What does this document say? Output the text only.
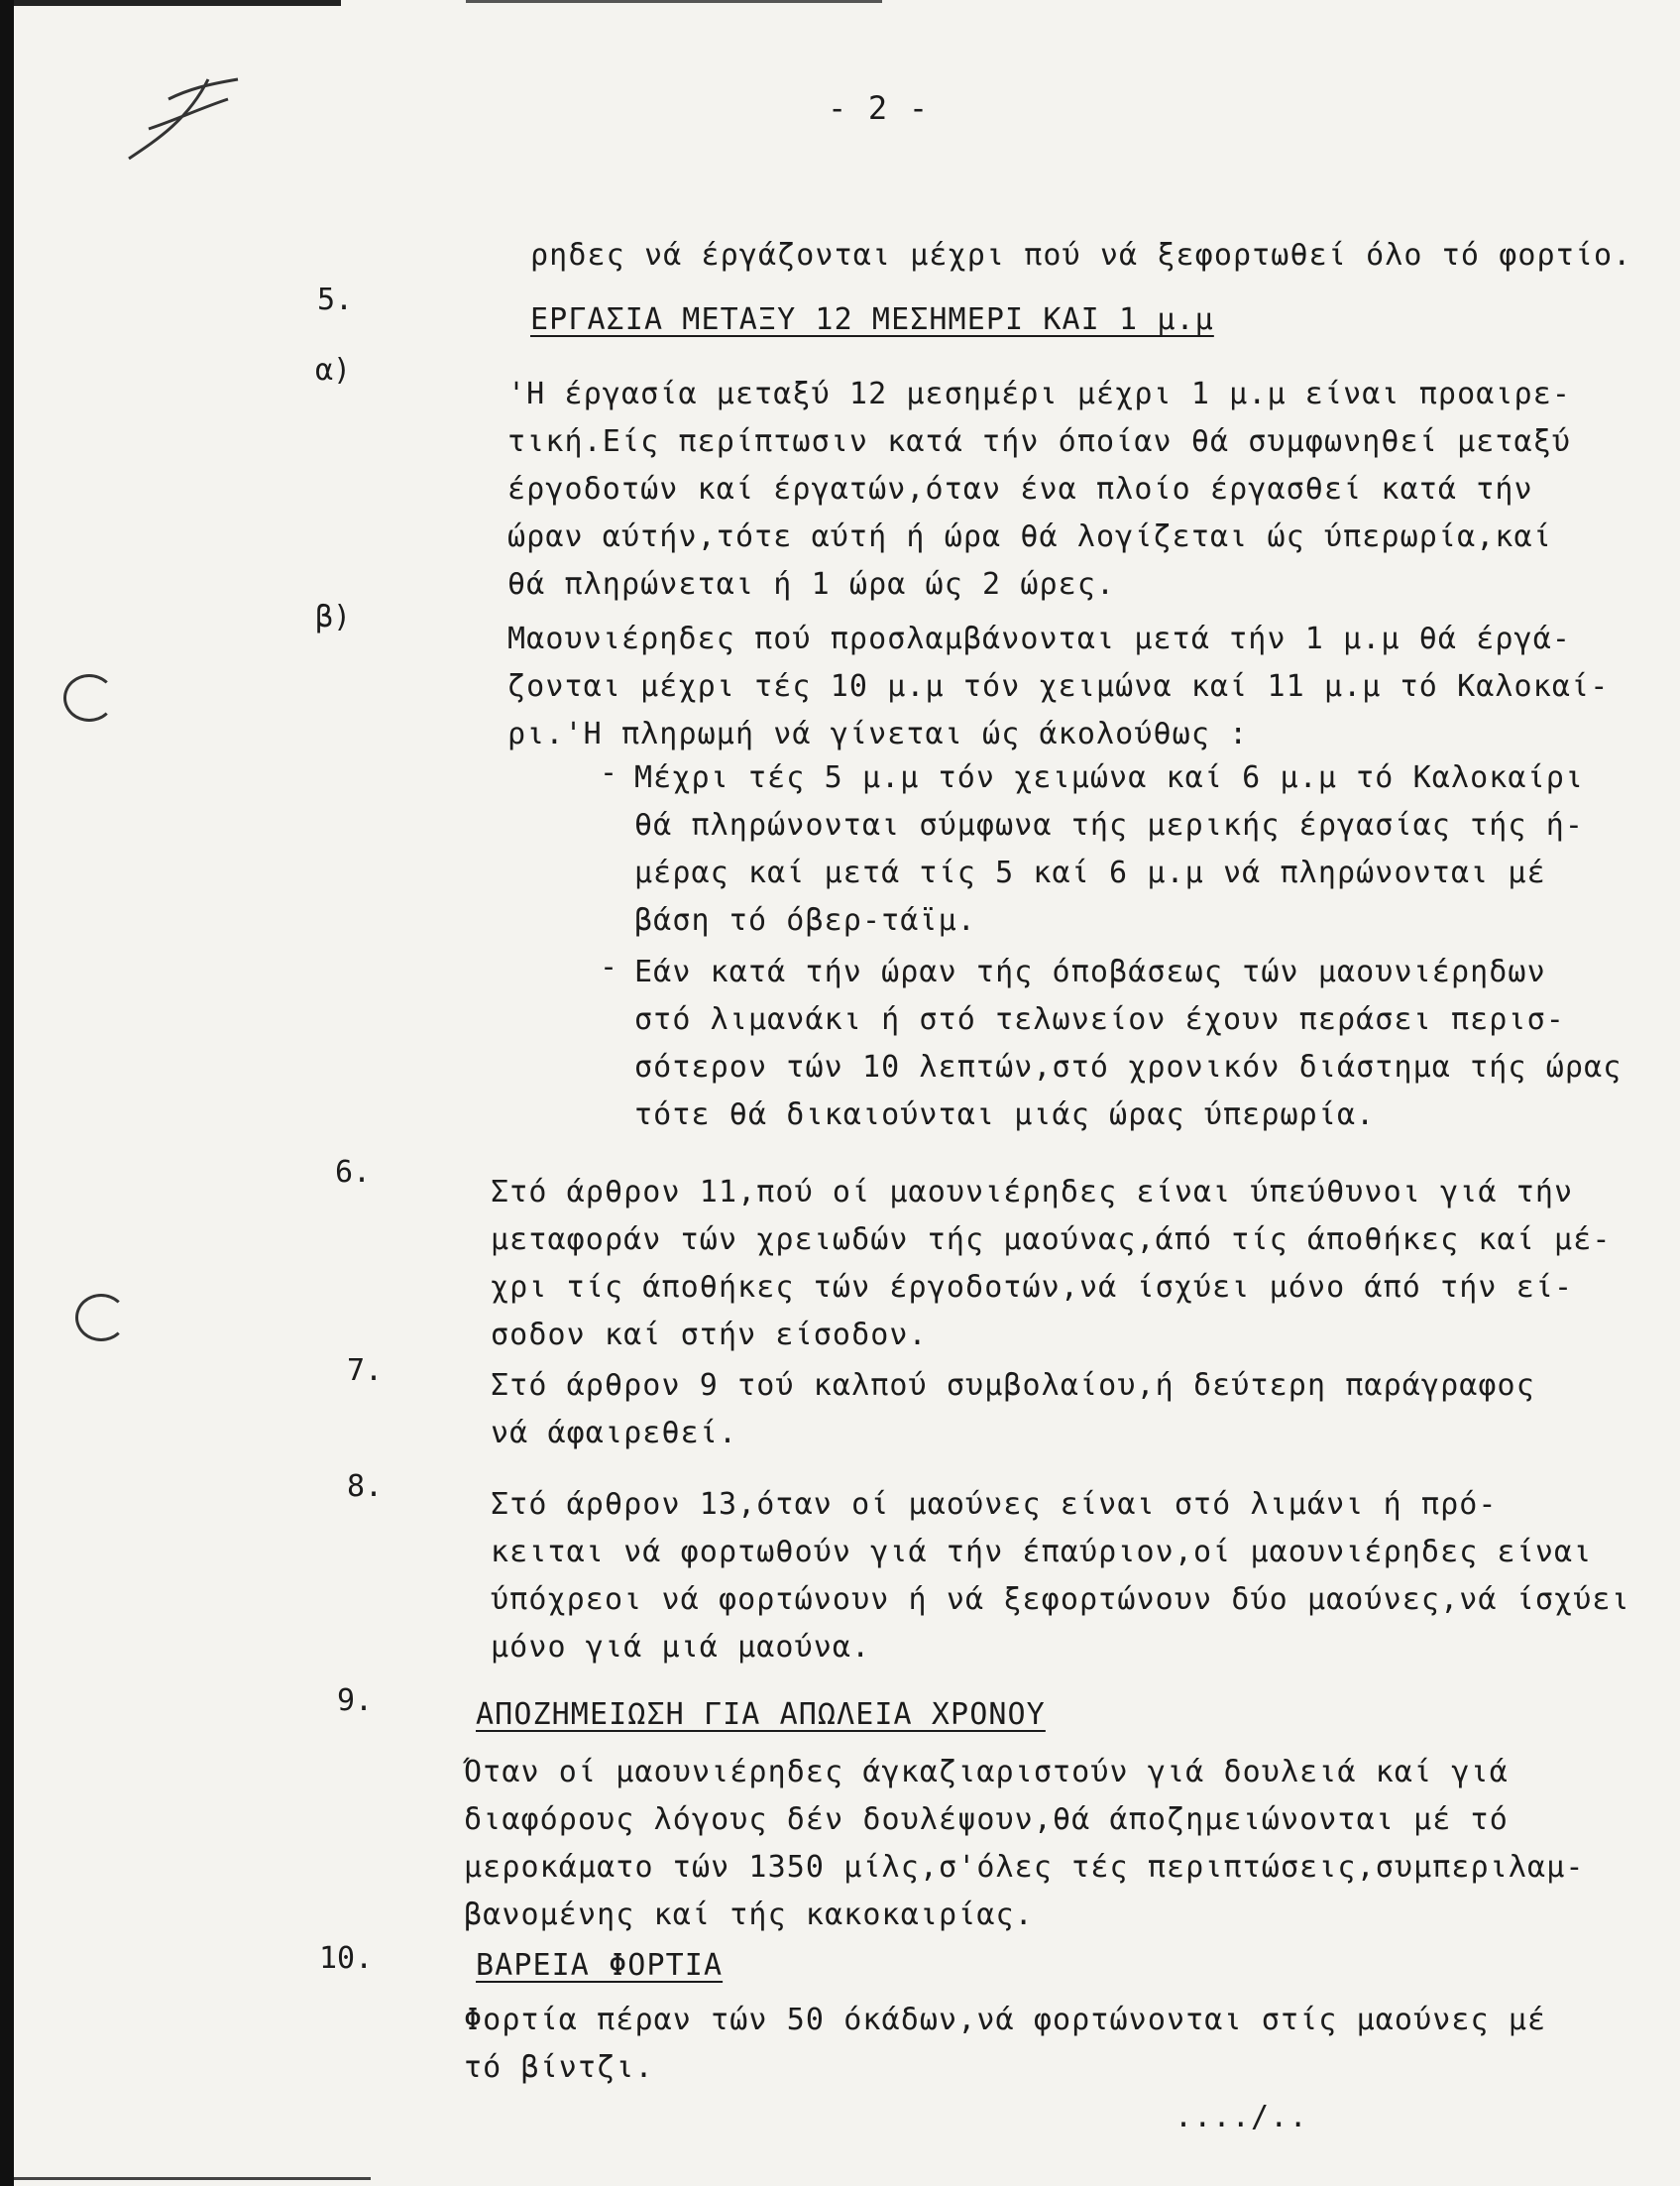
- 2 -
ρηδες νά έργάζονται μέχρι πού νά ξεφορτωθεί όλο τό φορτίο.
5.
ΕΡΓΑΣΙΑ ΜΕΤΑΞΥ 12 ΜΕΣΗΜΕΡΙ ΚΑΙ 1 μ.μ
α)
'Η έργασία μεταξύ 12 μεσημέρι μέχρι 1 μ.μ είναι προαιρε-
τική.Είς περίπτωσιν κατά τήν όποίαν θά συμφωνηθεί μεταξύ
έργοδοτών καί έργατών,όταν ένα πλοίο έργασθεί κατά τήν
ώραν αύτήν,τότε αύτή ή ώρα θά λογίζεται ώς ύπερωρία,καί
θά πληρώνεται ή 1 ώρα ώς 2 ώρες.
β)
Μαουνιέρηδες πού προσλαμβάνονται μετά τήν 1 μ.μ θά έργά-
ζονται μέχρι τές 10 μ.μ τόν χειμώνα καί 11 μ.μ τό Καλοκαί-
ρι.'Η πληρωμή νά γίνεται ώς άκολούθως :
- Μέχρι τές 5 μ.μ τόν χειμώνα καί 6 μ.μ τό Καλοκαίρι
θά πληρώνονται σύμφωνα τής μερικής έργασίας τής ή-
μέρας καί μετά τίς 5 καί 6 μ.μ νά πληρώνονται μέ
βάση τό όβερ-τάϊμ.
- Εάν κατά τήν ώραν τής όποβάσεως τών μαουνιέρηδων
στό λιμανάκι ή στό τελωνείον έχουν περάσει περισ-
σότερον τών 10 λεπτών,στό χρονικόν διάστημα τής ώρας
τότε θά δικαιούνται μιάς ώρας ύπερωρία.
6.
Στό άρθρον 11,πού οί μαουνιέρηδες είναι ύπεύθυνοι γιά τήν
μεταφοράν τών χρειωδών τής μαούνας,άπό τίς άποθήκες καί μέ-
χρι τίς άποθήκες τών έργοδοτών,νά ίσχύει μόνο άπό τήν εί-
σοδον καί στήν είσοδον.
7.	Στό άρθρον 9 τού καλπού συμβολαίου,ή δεύτερη παράγραφος
νά άφαιρεθεί.
8.
Στό άρθρον 13,όταν οί μαούνες είναι στό λιμάνι ή πρό-
κειται νά φορτωθούν γιά τήν έπαύριον,οί μαουνιέρηδες είναι
ύπόχρεοι νά φορτώνουν ή νά ξεφορτώνουν δύο μαούνες,νά ίσχύει
μόνο γιά μιά μαούνα.
9.	ΑΠΟΖΗΜΕΙΩΣΗ ΓΙΑ ΑΠΩΛΕΙΑ ΧΡΟΝΟΥ
Όταν οί μαουνιέρηδες άγκαζιαριστούν γιά δουλειά καί γιά
διαφόρους λόγους δέν δουλέψουν,θά άποζημειώνονται μέ τό
μεροκάματο τών 1350 μίλς,σ'όλες τές περιπτώσεις,συμπεριλαμ-
βανομένης καί τής κακοκαιρίας.
10.	ΒΑΡΕΙΑ ΦΟΡΤΙΑ
Φορτία πέραν τών 50 όκάδων,νά φορτώνονται στίς μαούνες μέ
τό βίντζι.
..../..
